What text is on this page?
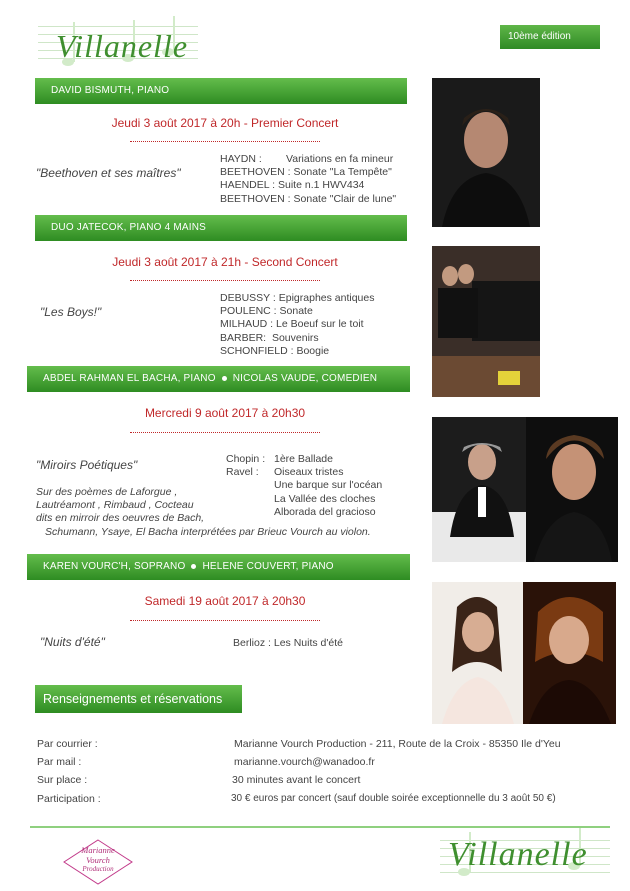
Villanelle	10ème édition
DAVID BISMUTH, PIANO
Jeudi 3 août 2017 à 20h - Premier Concert
"Beethoven et ses maîtres"
HAYDN : Variations en fa mineur
BEETHOVEN : Sonate "La Tempête"
HAENDEL : Suite n.1 HWV434
BEETHOVEN : Sonate "Clair de lune"
DUO JATECOK, PIANO 4 MAINS
Jeudi 3 août 2017 à 21h - Second Concert
"Les Boys!"
DEBUSSY : Epigraphes antiques
POULENC : Sonate
MILHAUD : Le Boeuf sur le toit
BARBER: Souvenirs
SCHONFIELD : Boogie
ABDEL RAHMAN EL BACHA, PIANO NICOLAS VAUDE, COMEDIEN
Mercredi 9 août 2017 à 20h30
"Miroirs Poétiques"	Chopin : 1ère Ballade
Ravel : Oiseaux tristes
Une barque sur l'océan
La Vallée des cloches
Alborada del gracioso
Sur des poèmes de Laforgue ,
Lautréamont , Rimbaud , Cocteau
dits en mirroir des oeuvres de Bach,
Schumann, Ysaye, El Bacha interprétées par Brieuc Vourch au violon.
KAREN VOURC'H, SOPRANO HELENE COUVERT, PIANO
Samedi 19 août 2017 à 20h30
"Nuits d'été"	Berlioz : Les Nuits d'été
Renseignements et réservations
Par courrier :	Marianne Vourch Production - 211, Route de la Croix - 85350 Ile d'Yeu
Par mail :	marianne.vourch@wanadoo.fr
Sur place :	30 minutes avant le concert
Participation :	30 € euros par concert (sauf double soirée exceptionnelle du 3 août 50 €)
Marianne
Vourch
Production	Villanelle
